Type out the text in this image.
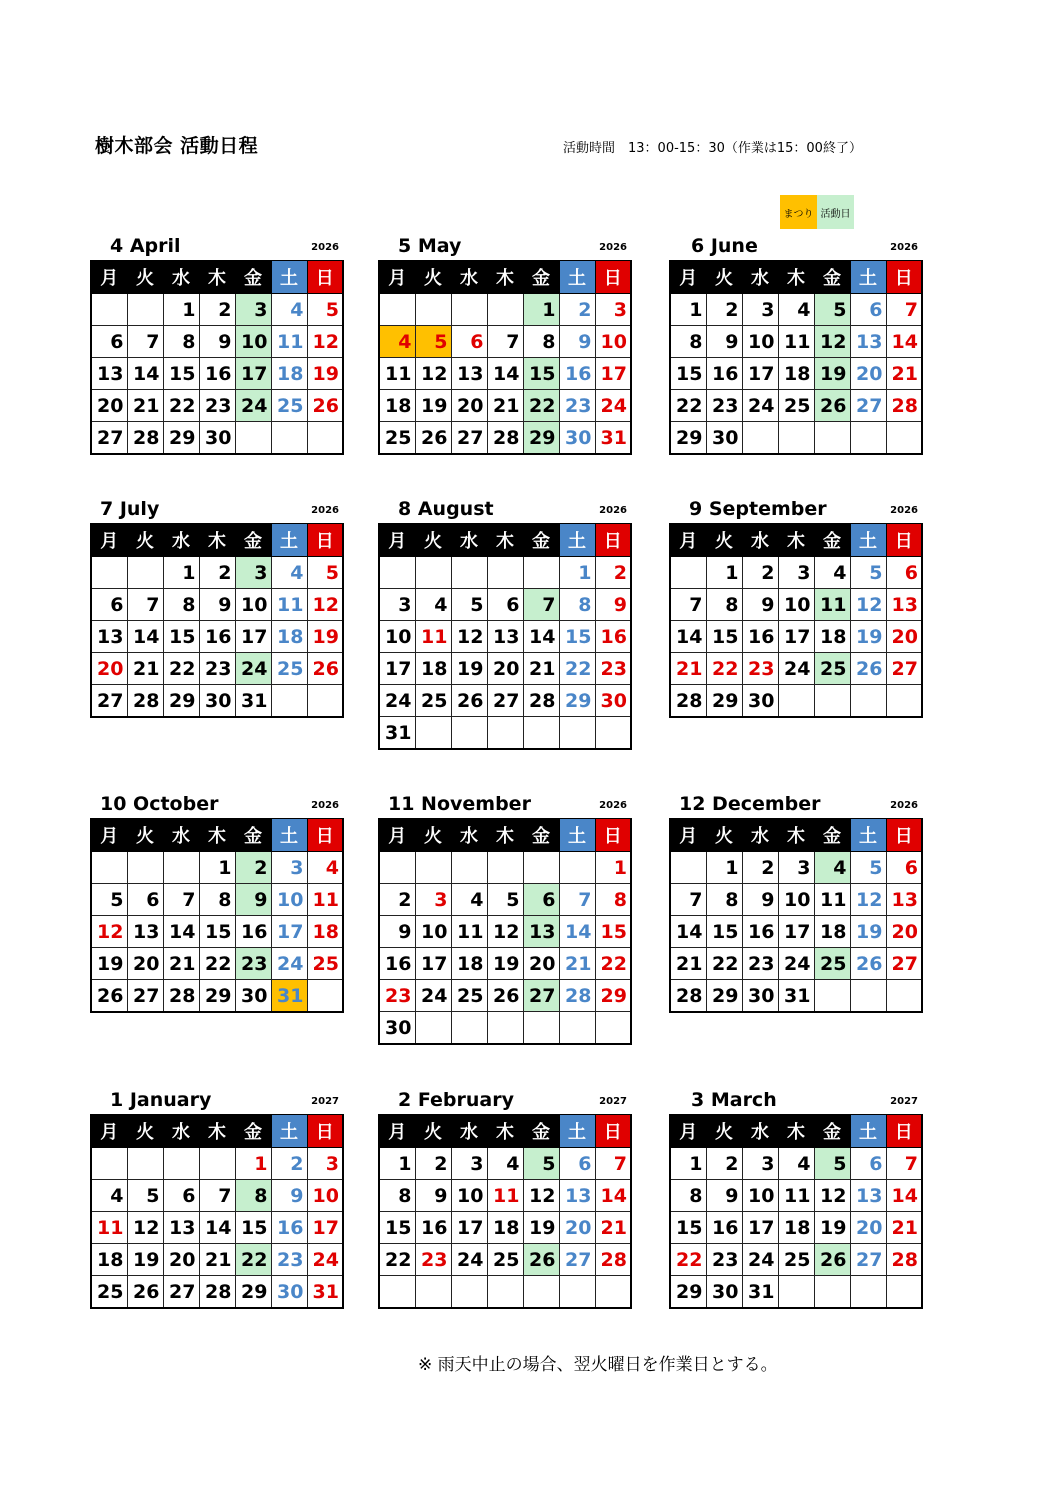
樹木部会 活動日程	活動時間　13：00-15：30（作業は15：00終了）
まつり 活動日
4 April	2026
月	火	水	木	金	土	日
		1	2	3	4	5
6	7	8	9	10	11	12
13	14	15	16	17	18	19
20	21	22	23	24	25	26
27	28	29	30			
5 May	2026
月	火	水	木	金	土	日
				1	2	3
4	5	6	7	8	9	10
11	12	13	14	15	16	17
18	19	20	21	22	23	24
25	26	27	28	29	30	31
6 June	2026
月	火	水	木	金	土	日
1	2	3	4	5	6	7
8	9	10	11	12	13	14
15	16	17	18	19	20	21
22	23	24	25	26	27	28
29	30					
7 July	2026
月	火	水	木	金	土	日
		1	2	3	4	5
6	7	8	9	10	11	12
13	14	15	16	17	18	19
20	21	22	23	24	25	26
27	28	29	30	31		
8 August	2026
月	火	水	木	金	土	日
					1	2
3	4	5	6	7	8	9
10	11	12	13	14	15	16
17	18	19	20	21	22	23
24	25	26	27	28	29	30
31						
9 September	2026
月	火	水	木	金	土	日
	1	2	3	4	5	6
7	8	9	10	11	12	13
14	15	16	17	18	19	20
21	22	23	24	25	26	27
28	29	30				
10 October	2026
月	火	水	木	金	土	日
			1	2	3	4
5	6	7	8	9	10	11
12	13	14	15	16	17	18
19	20	21	22	23	24	25
26	27	28	29	30	31	
11 November	2026
月	火	水	木	金	土	日
						1
2	3	4	5	6	7	8
9	10	11	12	13	14	15
16	17	18	19	20	21	22
23	24	25	26	27	28	29
30						
12 December	2026
月	火	水	木	金	土	日
	1	2	3	4	5	6
7	8	9	10	11	12	13
14	15	16	17	18	19	20
21	22	23	24	25	26	27
28	29	30	31			
1 January	2027
月	火	水	木	金	土	日
				1	2	3
4	5	6	7	8	9	10
11	12	13	14	15	16	17
18	19	20	21	22	23	24
25	26	27	28	29	30	31
2 February	2027
月	火	水	木	金	土	日
1	2	3	4	5	6	7
8	9	10	11	12	13	14
15	16	17	18	19	20	21
22	23	24	25	26	27	28

3 March	2027
月	火	水	木	金	土	日
1	2	3	4	5	6	7
8	9	10	11	12	13	14
15	16	17	18	19	20	21
22	23	24	25	26	27	28
29	30	31				
※ 雨天中止の場合、翌火曜日を作業日とする。
